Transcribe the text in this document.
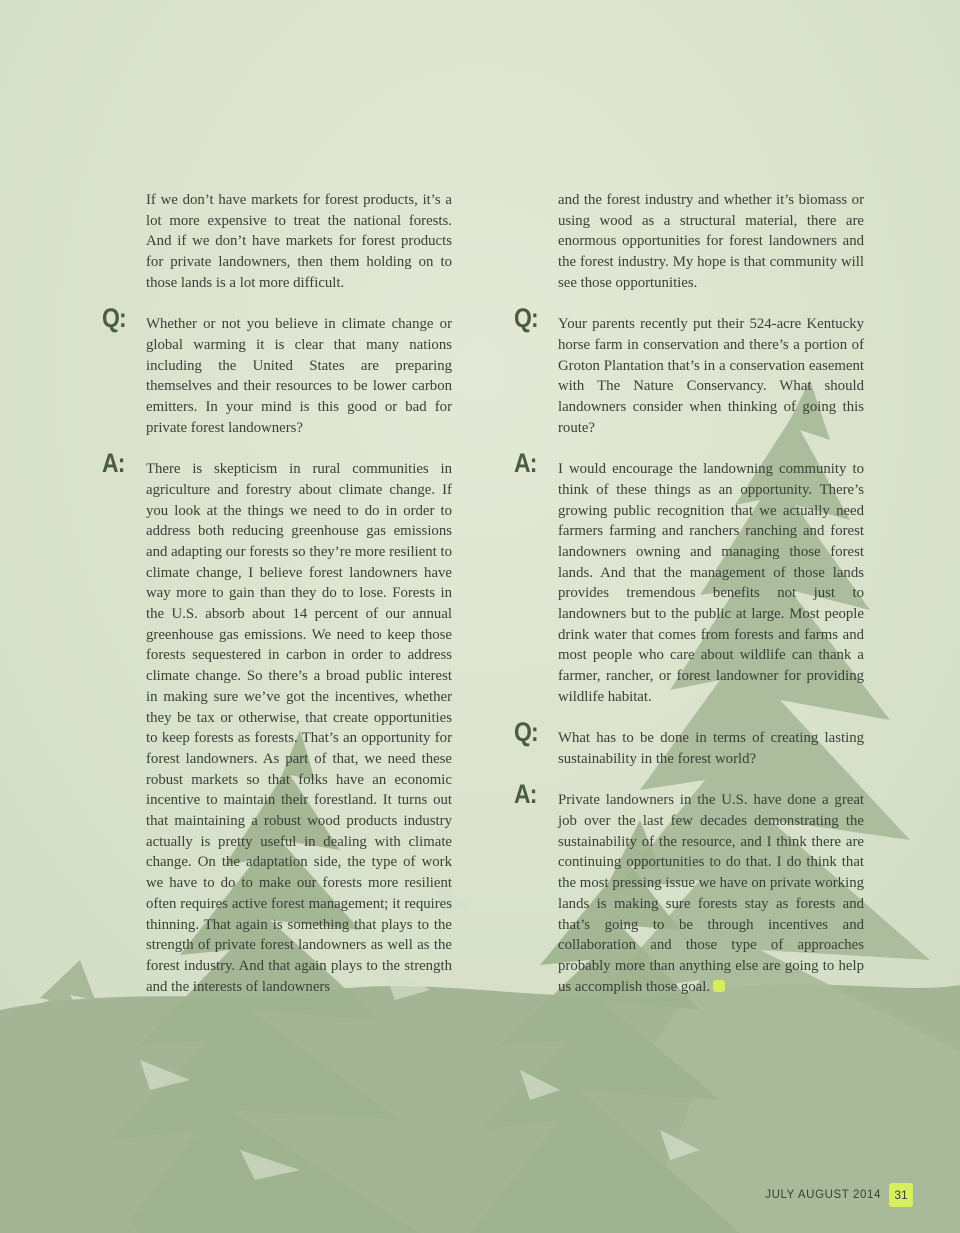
If we don’t have markets for forest products, it’s a lot more expensive to treat the national forests. And if we don’t have markets for forest products for private landowners, then them holding on to those lands is a lot more difficult.

Q: Whether or not you believe in climate change or global warming it is clear that many nations including the United States are preparing themselves and their resources to be lower carbon emitters. In your mind is this good or bad for private forest landowners?
A: There is skepticism in rural communities in agriculture and forestry about climate change. If you look at the things we need to do in order to address both reducing greenhouse gas emissions and adapting our forests so they’re more resilient to climate change, I believe forest landowners have way more to gain than they do to lose. Forests in the U.S. absorb about 14 percent of our annual greenhouse gas emissions. We need to keep those forests sequestered in carbon in order to address climate change. So there’s a broad public interest in making sure we’ve got the incentives, whether they be tax or otherwise, that create opportunities to keep forests as forests. That’s an opportunity for forest landowners. As part of that, we need these robust markets so that folks have an economic incentive to maintain their forestland. It turns out that maintaining a robust wood products industry actually is pretty useful in dealing with climate change. On the adaptation side, the type of work we have to do to make our forests more resilient often requires active forest management; it requires thinning. That again is something that plays to the strength of private forest landowners as well as the forest industry. And that again plays to the strength and the interests of landowners

and the forest industry and whether it’s biomass or using wood as a structural material, there are enormous opportunities for forest landowners and the forest industry. My hope is that community will see those opportunities.

Q: Your parents recently put their 524-acre Kentucky horse farm in conservation and there’s a portion of Groton Plantation that’s in a conservation easement with The Nature Conservancy. What should landowners consider when thinking of going this route?
A: I would encourage the landowning community to think of these things as an opportunity. There’s growing public recognition that we actually need farmers farming and ranchers ranching and forest landowners owning and managing those forest lands. And that the management of those lands provides tremendous benefits not just to landowners but to the public at large. Most people drink water that comes from forests and farms and most people who care about wildlife can thank a farmer, rancher, or forest landowner for providing wildlife habitat.
Q: What has to be done in terms of creating lasting sustainability in the forest world?
A: Private landowners in the U.S. have done a great job over the last few decades demonstrating the sustainability of the resource, and I think there are continuing opportunities to do that. I do think that the most pressing issue we have on private working lands is making sure forests stay as forests and that’s going to be through incentives and collaboration and those type of approaches probably more than anything else are going to help us accomplish those goal.
JULY AUGUST 2014	31
